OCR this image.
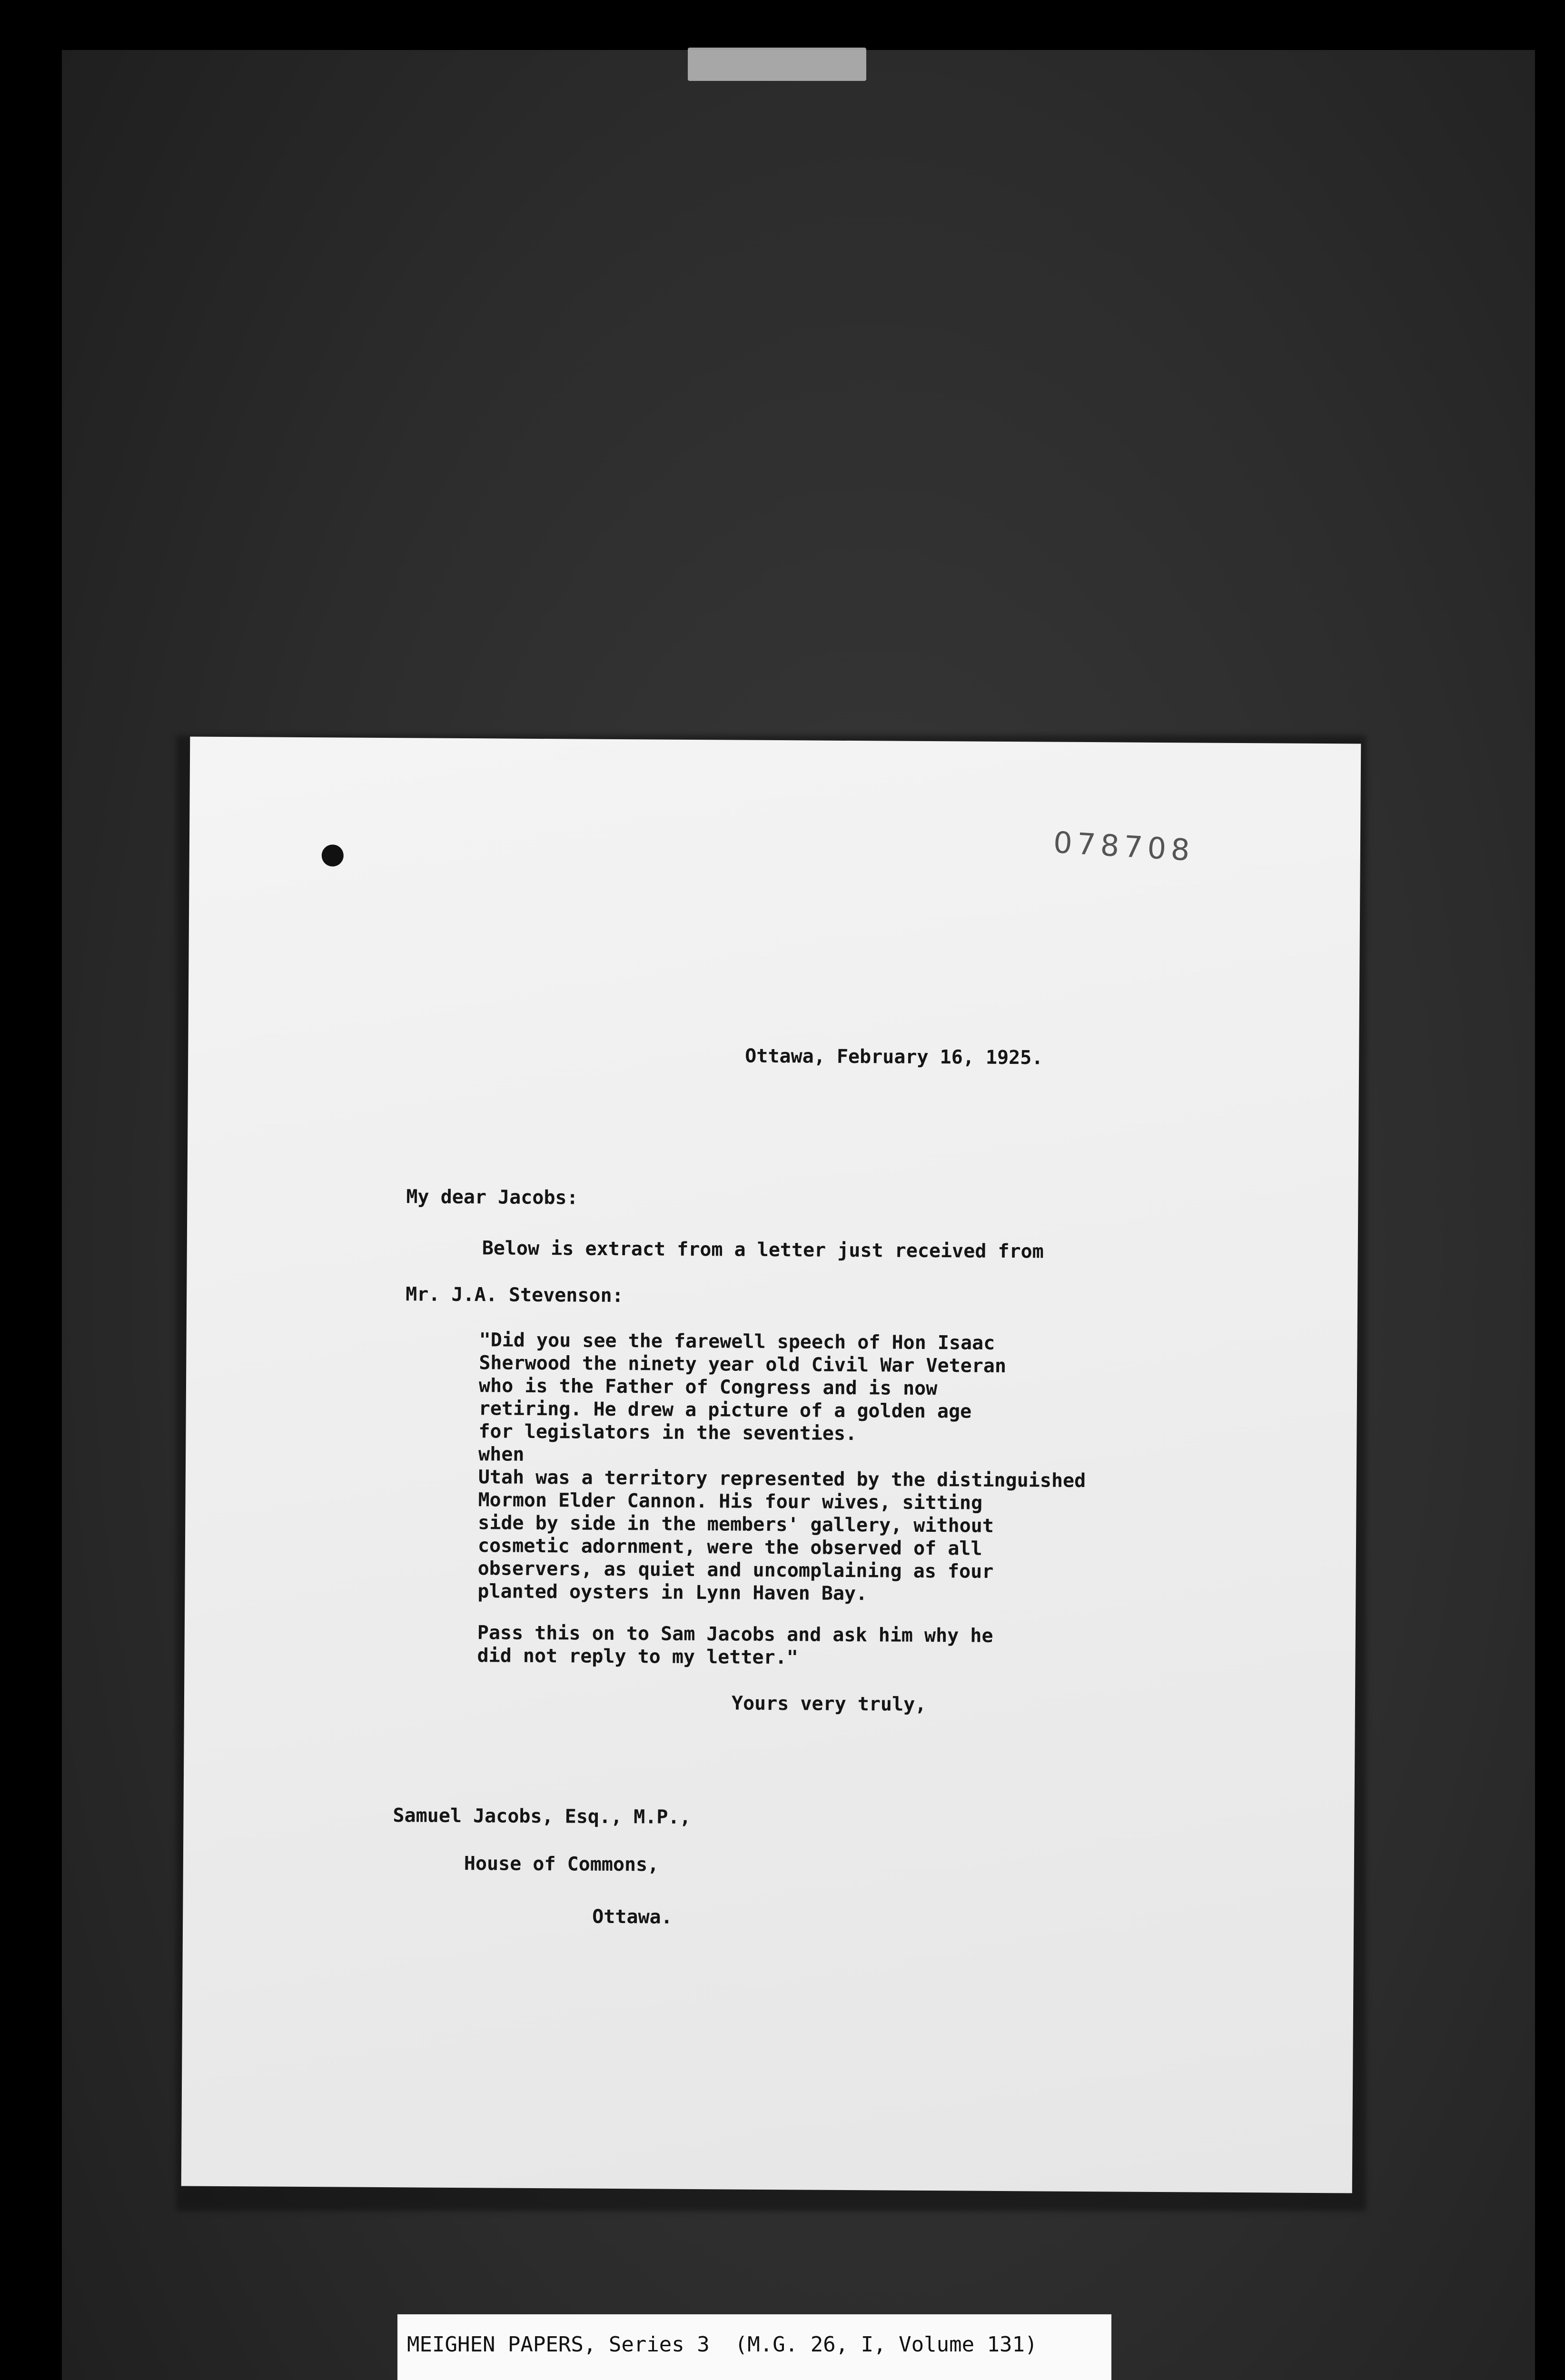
078708
Ottawa, February 16, 1925.
My dear Jacobs:
Below is extract from a letter just received from
Mr. J.A. Stevenson:
"Did you see the farewell speech of Hon Isaac
Sherwood the ninety year old Civil War Veteran
who is the Father of Congress and is now
retiring. He drew a picture of a golden age
for legislators in the seventies.
when
Utah was a territory represented by the distinguished
Mormon Elder Cannon. His four wives, sitting
side by side in the members' gallery, without
cosmetic adornment, were the observed of all
observers, as quiet and uncomplaining as four
planted oysters in Lynn Haven Bay.
Pass this on to Sam Jacobs and ask him why he
did not reply to my letter."
Yours very truly,
Samuel Jacobs, Esq., M.P.,
House of Commons,
Ottawa.
MEIGHEN PAPERS, Series 3  (M.G. 26, I, Volume 131)
